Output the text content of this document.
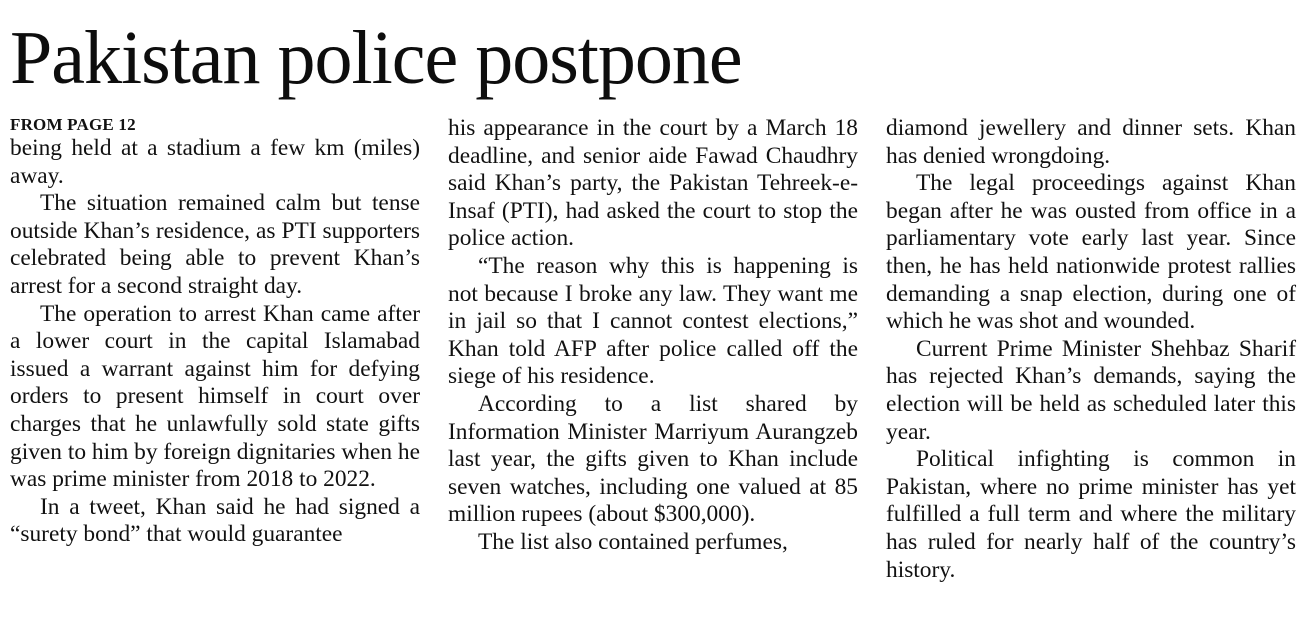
Pakistan police postpone
FROM PAGE 12

being held at a stadium a few km (miles) away.

The situation remained calm but tense outside Khan’s residence, as PTI supporters celebrated being able to prevent Khan’s arrest for a second straight day.

The operation to arrest Khan came after a lower court in the capital Islamabad issued a warrant against him for defying orders to present himself in court over charges that he unlawfully sold state gifts given to him by foreign dignitaries when he was prime minister from 2018 to 2022.

In a tweet, Khan said he had signed a “surety bond” that would guarantee

his appearance in the court by a March 18 deadline, and senior aide Fawad Chaudhry said Khan’s party, the Pakistan Tehreek-e-Insaf (PTI), had asked the court to stop the police action.

“The reason why this is happening is not because I broke any law. They want me in jail so that I cannot contest elections,” Khan told AFP after police called off the siege of his residence.

According to a list shared by Information Minister Marriyum Aurangzeb last year, the gifts given to Khan include seven watches, including one valued at 85 million rupees (about $300,000).

The list also contained perfumes,

diamond jewellery and dinner sets. Khan has denied wrongdoing.

The legal proceedings against Khan began after he was ousted from office in a parliamentary vote early last year. Since then, he has held nationwide protest rallies demanding a snap election, during one of which he was shot and wounded.

Current Prime Minister Shehbaz Sharif has rejected Khan’s demands, saying the election will be held as scheduled later this year.

Political infighting is common in Pakistan, where no prime minister has yet fulfilled a full term and where the military has ruled for nearly half of the country’s history.
